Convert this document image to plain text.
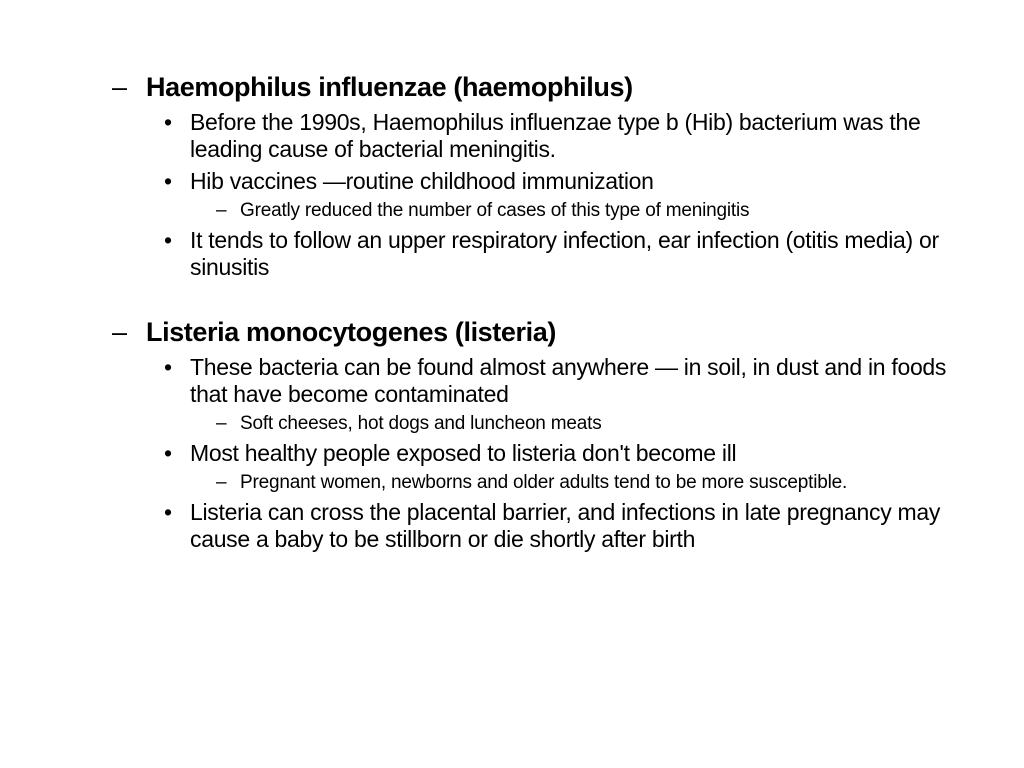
– Haemophilus influenzae (haemophilus)
• Before the 1990s, Haemophilus influenzae type b (Hib) bacterium was the leading cause of bacterial meningitis.
• Hib vaccines —routine childhood immunization
– Greatly reduced the number of cases of this type of meningitis
• It tends to follow an upper respiratory infection, ear infection (otitis media) or sinusitis
– Listeria monocytogenes (listeria)
• These bacteria can be found almost anywhere — in soil, in dust and in foods that have become contaminated
– Soft cheeses, hot dogs and luncheon meats
• Most healthy people exposed to listeria don't become ill
– Pregnant women, newborns and older adults tend to be more susceptible.
• Listeria can cross the placental barrier, and infections in late pregnancy may cause a baby to be stillborn or die shortly after birth
